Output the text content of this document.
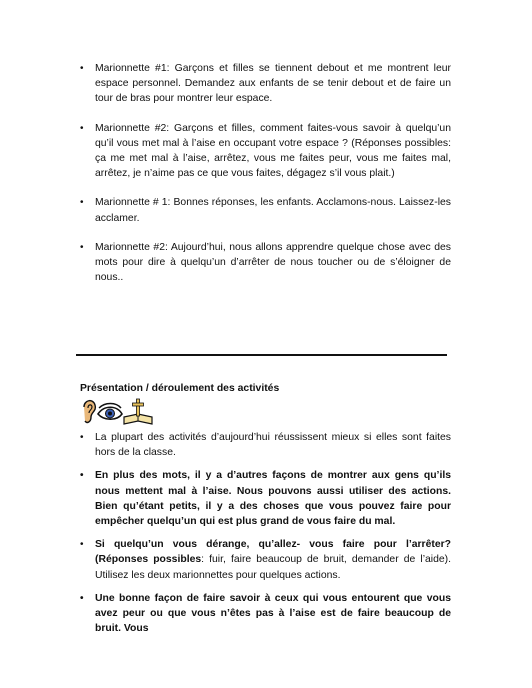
• Marionnette #1: Garçons et filles se tiennent debout et me montrent leur espace personnel. Demandez aux enfants de se tenir debout et de faire un tour de bras pour montrer leur espace.
• Marionnette #2: Garçons et filles, comment faites-vous savoir à quelqu’un qu’il vous met mal à l’aise en occupant votre espace ? (Réponses possibles: ça me met mal à l’aise, arrêtez, vous me faites peur, vous me faites mal, arrêtez, je n’aime pas ce que vous faites, dégagez s’il vous plait.)
• Marionnette # 1: Bonnes réponses, les enfants. Acclamons-nous. Laissez-les acclamer.
• Marionnette #2: Aujourd’hui, nous allons apprendre quelque chose avec des mots pour dire à quelqu’un d’arrêter de nous toucher ou de s’éloigner de nous..
Présentation / déroulement des activités
• La plupart des activités d’aujourd’hui réussissent mieux si elles sont faites hors de la classe.
• En plus des mots, il y a d’autres façons de montrer aux gens qu’ils nous mettent mal à l’aise. Nous pouvons aussi utiliser des actions. Bien qu’étant petits, il y a des choses que vous pouvez faire pour empêcher quelqu’un qui est plus grand de vous faire du mal.
• Si quelqu’un vous dérange, qu’allez- vous faire pour l’arrêter? (Réponses possibles: fuir, faire beaucoup de bruit, demander de l’aide). Utilisez les deux marionnettes pour quelques actions.
• Une bonne façon de faire savoir à ceux qui vous entourent que vous avez peur ou que vous n’êtes pas à l’aise est de faire beaucoup de bruit. Vous
